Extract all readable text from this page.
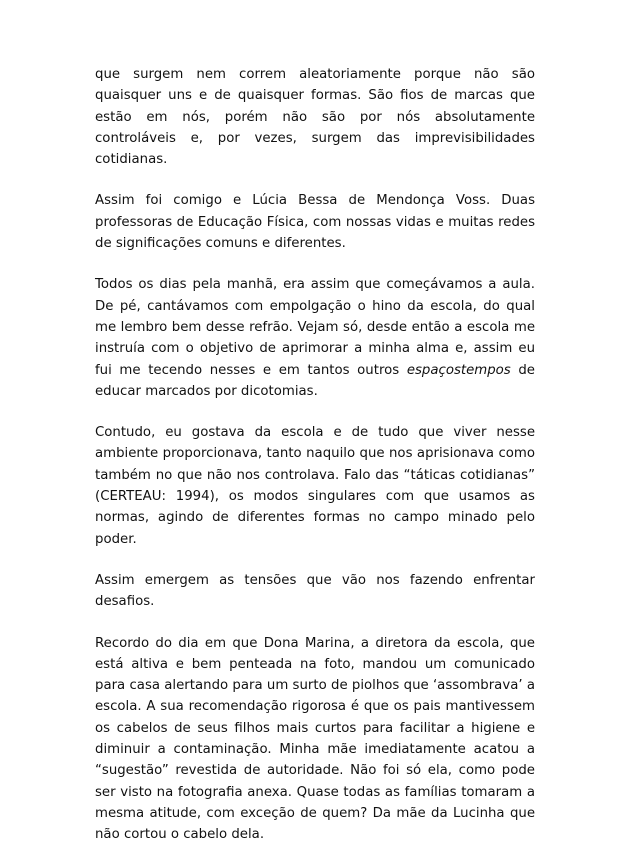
que surgem nem correm aleatoriamente porque não são quaisquer uns e de quaisquer formas. São fios de marcas que estão em nós, porém não são por nós absolutamente controláveis e, por vezes, surgem das imprevisibilidades cotidianas.

Assim foi comigo e Lúcia Bessa de Mendonça Voss. Duas professoras de Educação Física, com nossas vidas e muitas redes de significações comuns e diferentes.

Todos os dias pela manhã, era assim que começávamos a aula. De pé, cantávamos com empolgação o hino da escola, do qual me lembro bem desse refrão. Vejam só, desde então a escola me instruía com o objetivo de aprimorar a minha alma e, assim eu fui me tecendo nesses e em tantos outros espaçostempos de educar marcados por dicotomias.

Contudo, eu gostava da escola e de tudo que viver nesse ambiente proporcionava, tanto naquilo que nos aprisionava como também no que não nos controlava. Falo das “táticas cotidianas” (CERTEAU: 1994), os modos singulares com que usamos as normas, agindo de diferentes formas no campo minado pelo poder.

Assim emergem as tensões que vão nos fazendo enfrentar desafios.

Recordo do dia em que Dona Marina, a diretora da escola, que está altiva e bem penteada na foto, mandou um comunicado para casa alertando para um surto de piolhos que ‘assombrava’ a escola. A sua recomendação rigorosa é que os pais mantivessem os cabelos de seus filhos mais curtos para facilitar a higiene e diminuir a contaminação. Minha mãe imediatamente acatou a “sugestão” revestida de autoridade. Não foi só ela, como pode ser visto na fotografia anexa. Quase todas as famílias tomaram a mesma atitude, com exceção de quem? Da mãe da Lucinha que não cortou o cabelo dela.
